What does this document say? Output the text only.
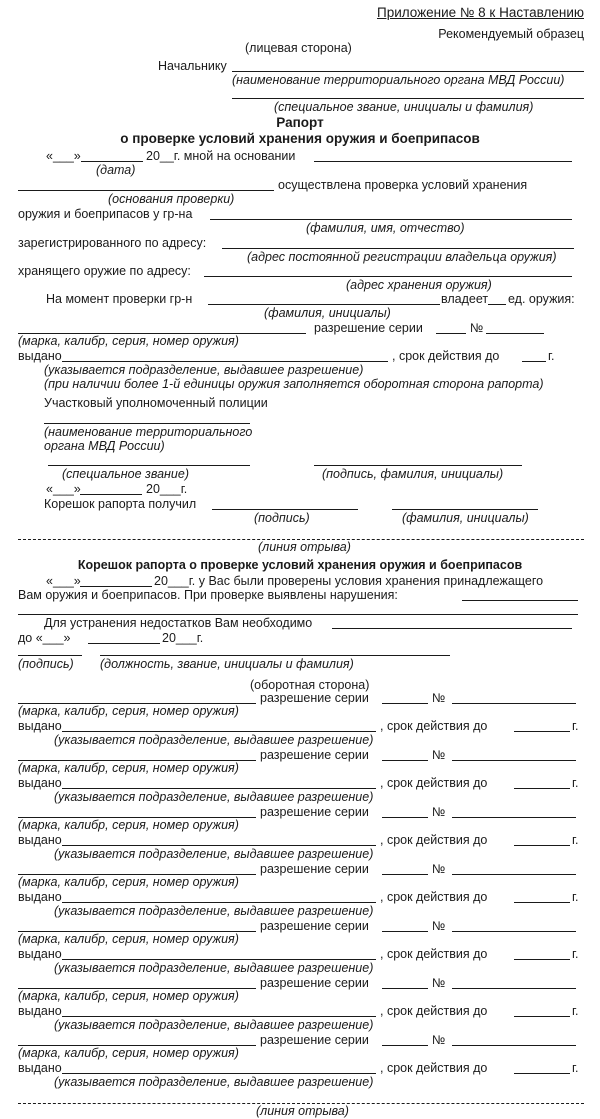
Приложение № 8 к Наставлению
Рекомендуемый образец
(лицевая сторона)
Начальнику
(наименование территориального органа МВД России)
(специальное звание, инициалы и фамилия)
Рапорт
о проверке условий хранения оружия и боеприпасов
«___»	20__г. мной на основании
(дата)
осуществлена проверка условий хранения
(основания проверки)
оружия и боеприпасов у гр-на
(фамилия, имя, отчество)
зарегистрированного по адресу:
(адрес постоянной регистрации владельца оружия)
хранящего оружие по адресу:
(адрес хранения оружия)
На момент проверки гр-н	владеет ед. оружия:
(фамилия, инициалы)
разрешение серии	№
(марка, калибр, серия, номер оружия)
выдано	, срок действия до	г.
(указывается подразделение, выдавшее разрешение)
(при наличии более 1-й единицы оружия заполняется оборотная сторона рапорта)
Участковый уполномоченный полиции
(наименование территориального
органа МВД России)
(специальное звание)	(подпись, фамилия, инициалы)
«___»	20___г.
Корешок рапорта получил
(подпись)	(фамилия, инициалы)
(линия отрыва)
Корешок рапорта о проверке условий хранения оружия и боеприпасов
«___»	20___г. у Вас были проверены условия хранения принадлежащего
Вам оружия и боеприпасов. При проверке выявлены нарушения:
Для устранения недостатков Вам необходимо
до «___»	20___г.
(подпись) (должность, звание, инициалы и фамилия)
(оборотная сторона)
разрешение серии	№
(марка, калибр, серия, номер оружия)
выдано	, срок действия до	г.
(указывается подразделение, выдавшее разрешение)
разрешение серии	№
(марка, калибр, серия, номер оружия)
выдано	, срок действия до	г.
(указывается подразделение, выдавшее разрешение)
разрешение серии	№
(марка, калибр, серия, номер оружия)
выдано	, срок действия до	г.
(указывается подразделение, выдавшее разрешение)
разрешение серии	№
(марка, калибр, серия, номер оружия)
выдано	, срок действия до	г.
(указывается подразделение, выдавшее разрешение)
разрешение серии	№
(марка, калибр, серия, номер оружия)
выдано	, срок действия до	г.
(указывается подразделение, выдавшее разрешение)
разрешение серии	№
(марка, калибр, серия, номер оружия)
выдано	, срок действия до	г.
(указывается подразделение, выдавшее разрешение)
разрешение серии	№
(марка, калибр, серия, номер оружия)
выдано	, срок действия до	г.
(указывается подразделение, выдавшее разрешение)
(линия отрыва)
